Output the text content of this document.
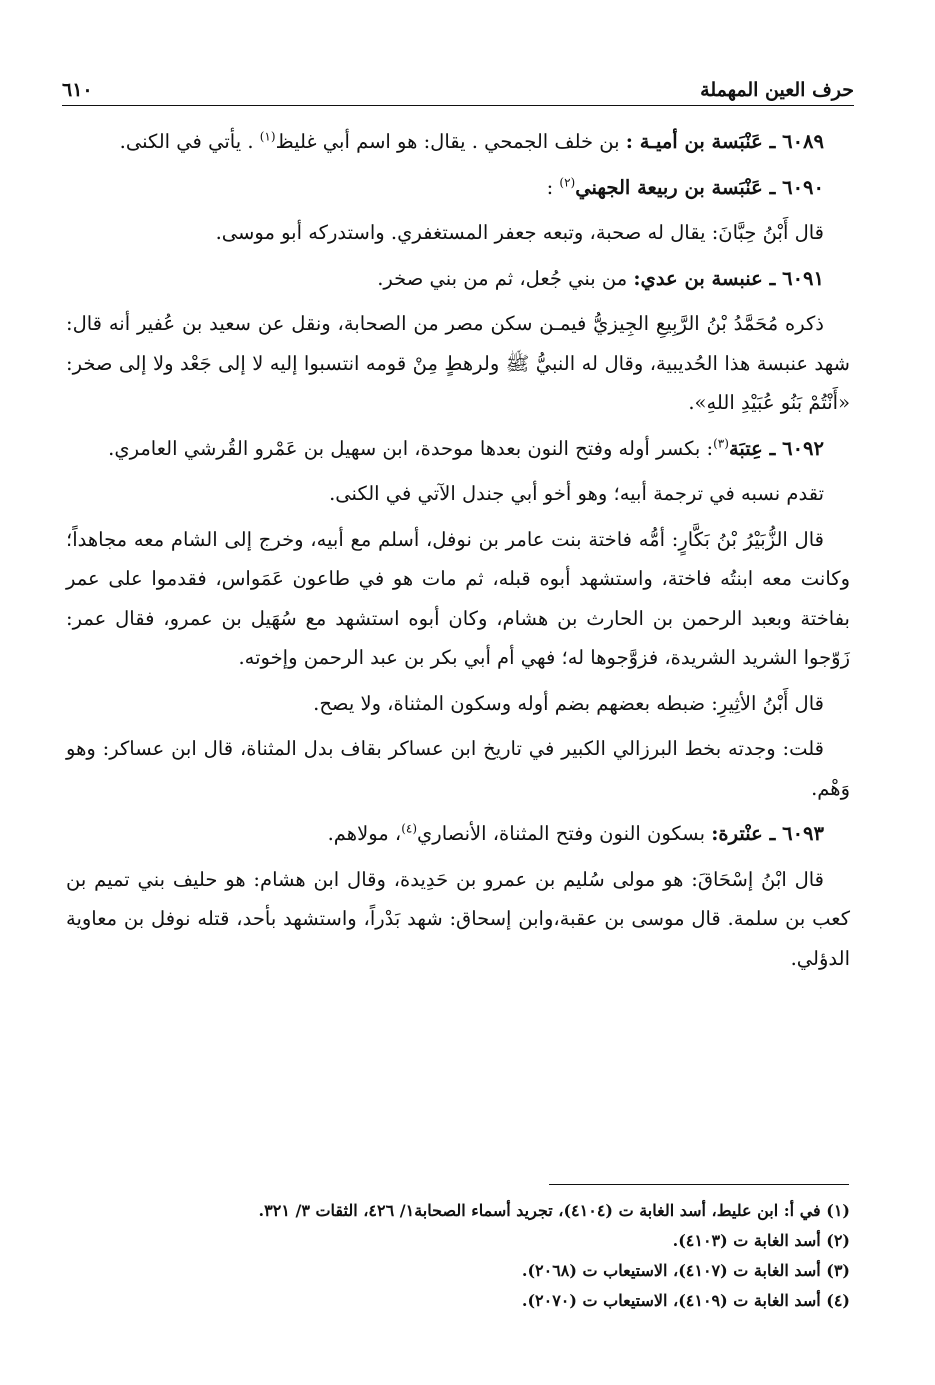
حرف العين المهملة
٦١٠

٦٠٨٩ ـ عَنْبَسة بن أميـة : بن خلف الجمحي . يقال: هو اسم أبي غليظ$^{(١)}$ . يأتي في الكنى.

٦٠٩٠ ـ عَنْبَسة بن ربيعة الجهني$^{(٢)}$ :

قال أَبْنُ حِبَّانَ: يقال له صحبة، وتبعه جعفر المستغفري. واستدركه أبو موسى.

٦٠٩١ ـ عنبسة بن عدي: من بني جُعل، ثم من بني صخر.

ذكره مُحَمَّدُ بْنُ الرَّبِيعِ الجِيزيُّ فيمـن سكن مصر من الصحابة، ونقل عن سعيد بن عُفير أنه قال: شهد عنبسة هذا الحُديبية، وقال له النبيُّ ﷺ ولرهطٍ مِنْ قومه انتسبوا إليه لا إلى جَعْد ولا إلى صخر: «أَنْتُمْ بَنُو عُبَيْدِ اللهِ».

٦٠٩٢ ـ عِتبَة$^{(٣)}$: بكسر أوله وفتح النون بعدها موحدة، ابن سهيل بن عَمْرو القُرشي العامري.

تقدم نسبه في ترجمة أبيه؛ وهو أخو أبي جندل الآتي في الكنى.

قال الزُّبَيْرُ بْنُ بَكَّارٍ: أمُّه فاختة بنت عامر بن نوفل، أسلم مع أبيه، وخرج إلى الشام معه مجاهداً؛ وكانت معه ابنتُه فاختة، واستشهد أبوه قبله، ثم مات هو في طاعون عَمَواس، فقدموا على عمر بفاختة وبعبد الرحمن بن الحارث بن هشام، وكان أبوه استشهد مع سُهَيل بن عمرو، فقال عمر: زَوّجوا الشريد الشريدة، فزوَّجوها له؛ فهي أم أبي بكر بن عبد الرحمن وإخوته.

قال أَبْنُ الأثِيرِ: ضبطه بعضهم بضم أوله وسكون المثناة، ولا يصح.

قلت: وجدته بخط البرزالي الكبير في تاريخ ابن عساكر بقاف بدل المثناة، قال ابن عساكر: وهو وَهْم.

٦٠٩٣ ـ عنْترة: بسكون النون وفتح المثناة، الأنصاري$^{(٤)}$، مولاهم.

قال ابْنُ إسْحَاقَ: هو مولى سُليم بن عمرو بن حَدِيدة، وقال ابن هشام: هو حليف بني تميم بن كعب بن سلمة. قال موسى بن عقبة،وابن إسحاق: شهد بَدْراً، واستشهد بأحد، قتله نوفل بن معاوية الدؤلي.

(١) في أ: ابن عليط، أسد الغابة ت (٤١٠٤)، تجريد أسماء الصحابة١/ ٤٢٦، الثقات ٣/ ٣٢١.
(٢) أسد الغابة ت (٤١٠٣).
(٣) أسد الغابة ت (٤١٠٧)، الاستيعاب ت (٢٠٦٨).
(٤) أسد الغابة ت (٤١٠٩)، الاستيعاب ت (٢٠٧٠).
